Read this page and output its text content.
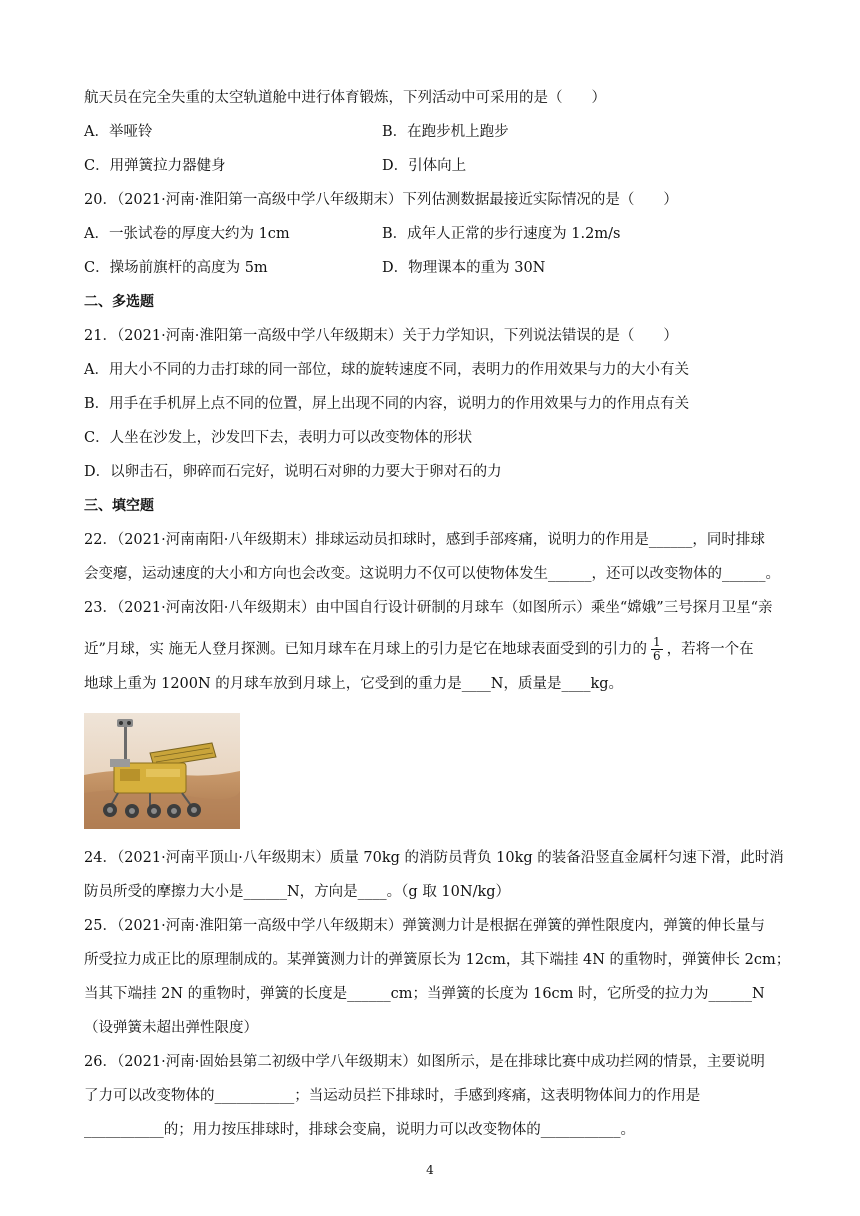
航天员在完全失重的太空轨道舱中进行体育锻炼，下列活动中可采用的是（　　）
A．举哑铃	B．在跑步机上跑步
C．用弹簧拉力器健身	D．引体向上
20．（2021·河南·淮阳第一高级中学八年级期末）下列估测数据最接近实际情况的是（　　）
A．一张试卷的厚度大约为 1cm	B．成年人正常的步行速度为 1.2m/s
C．操场前旗杆的高度为 5m	D．物理课本的重为 30N
二、多选题
21．（2021·河南·淮阳第一高级中学八年级期末）关于力学知识，下列说法错误的是（　　）
A．用大小不同的力击打球的同一部位，球的旋转速度不同，表明力的作用效果与力的大小有关
B．用手在手机屏上点不同的位置，屏上出现不同的内容，说明力的作用效果与力的作用点有关
C．人坐在沙发上，沙发凹下去，表明力可以改变物体的形状
D．以卵击石，卵碎而石完好，说明石对卵的力要大于卵对石的力
三、填空题
22．（2021·河南南阳·八年级期末）排球运动员扣球时，感到手部疼痛，说明力的作用是______，同时排球
会变瘪，运动速度的大小和方向也会改变。这说明力不仅可以使物体发生______，还可以改变物体的______。
23．（2021·河南汝阳·八年级期末）由中国自行设计研制的月球车（如图所示）乘坐“嫦娥”三号探月卫星“亲
近”月球，实 施无人登月探测。已知月球车在月球上的引力是它在地球表面受到的引力的 $\frac{1}{6}$ ，若将一个在
地球上重为 1200N 的月球车放到月球上，它受到的重力是____N，质量是____kg。
24．（2021·河南平顶山·八年级期末）质量 70kg 的消防员背负 10kg 的装备沿竖直金属杆匀速下滑，此时消
防员所受的摩擦力大小是______N，方向是____。（g 取 10N/kg）
25．（2021·河南·淮阳第一高级中学八年级期末）弹簧测力计是根据在弹簧的弹性限度内，弹簧的伸长量与
所受拉力成正比的原理制成的。某弹簧测力计的弹簧原长为 12cm，其下端挂 4N 的重物时，弹簧伸长 2cm；
当其下端挂 2N 的重物时，弹簧的长度是______cm；当弹簧的长度为 16cm 时，它所受的拉力为______N
（设弹簧未超出弹性限度）
26．（2021·河南·固始县第二初级中学八年级期末）如图所示，是在排球比赛中成功拦网的情景，主要说明
了力可以改变物体的___________；当运动员拦下排球时，手感到疼痛，这表明物体间力的作用是
___________的；用力按压排球时，排球会变扁，说明力可以改变物体的___________。
4
